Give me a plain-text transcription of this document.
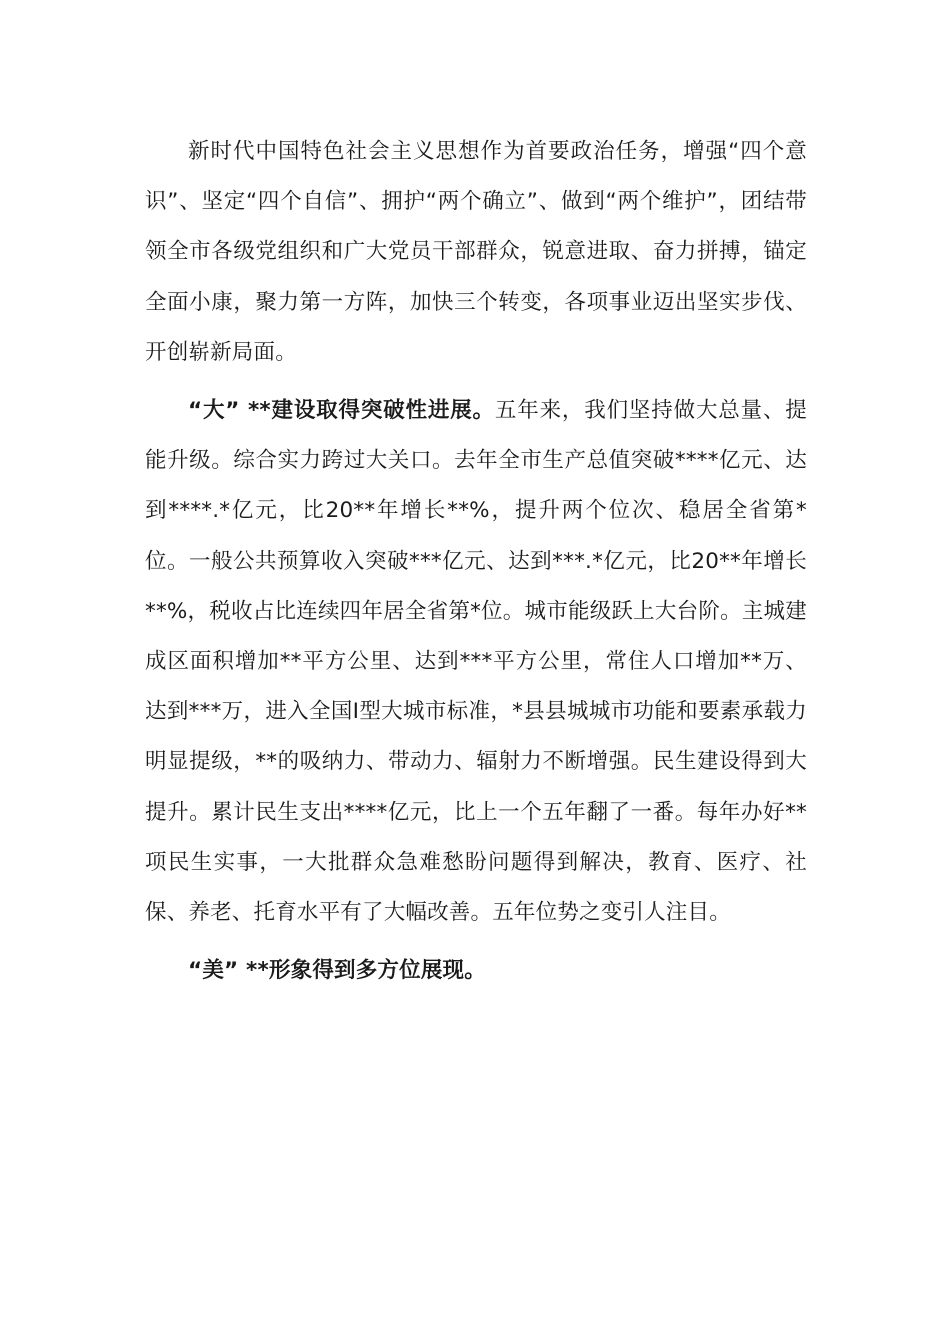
新时代中国特色社会主义思想作为首要政治任务，增强“四个意识”、坚定“四个自信”、拥护“两个确立”、做到“两个维护”，团结带领全市各级党组织和广大党员干部群众，锐意进取、奋力拼搏，锚定全面小康，聚力第一方阵，加快三个转变，各项事业迈出坚实步伐、开创崭新局面。

“大” **建设取得突破性进展。五年来，我们坚持做大总量、提能升级。综合实力跨过大关口。去年全市生产总值突破****亿元、达到****.*亿元，比20**年增长**%，提升两个位次、稳居全省第*位。一般公共预算收入突破***亿元、达到***.*亿元，比20**年增长**%，税收占比连续四年居全省第*位。城市能级跃上大台阶。主城建成区面积增加**平方公里、达到***平方公里，常住人口增加**万、达到***万，进入全国Ⅰ型大城市标准，*县县城城市功能和要素承载力明显提级，**的吸纳力、带动力、辐射力不断增强。民生建设得到大提升。累计民生支出****亿元，比上一个五年翻了一番。每年办好**项民生实事，一大批群众急难愁盼问题得到解决，教育、医疗、社保、养老、托育水平有了大幅改善。五年位势之变引人注目。

“美” **形象得到多方位展现。
